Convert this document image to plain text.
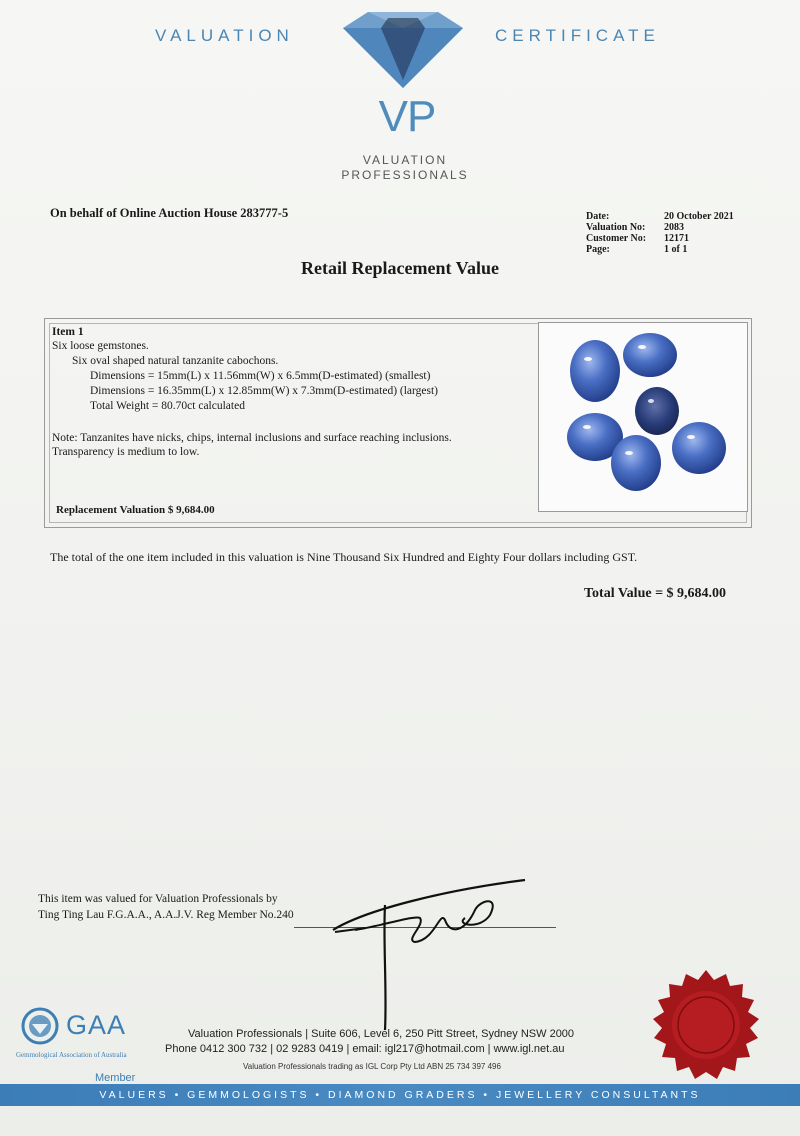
VALUATION	CERTIFICATE
VP
VALUATION
PROFESSIONALS
On behalf of Online Auction House 283777-5	Date:	20 October 2021
Valuation No:	2083
Customer No:	12171
Page:	1 of 1
Retail Replacement Value
Item 1
Six loose gemstones.
Six oval shaped natural tanzanite cabochons.
Dimensions = 15mm(L) x 11.56mm(W) x 6.5mm(D-estimated) (smallest)
Dimensions = 16.35mm(L) x 12.85mm(W) x 7.3mm(D-estimated) (largest)
Total Weight = 80.70ct calculated
Note: Tanzanites have nicks, chips, internal inclusions and surface reaching inclusions.
Transparency is medium to low.
Replacement Valuation $ 9,684.00
The total of the one item included in this valuation is Nine Thousand Six Hundred and Eighty Four dollars including GST.
Total Value = $ 9,684.00
This item was valued for Valuation Professionals by
Ting Ting Lau F.G.A.A., A.A.J.V. Reg Member No.240
GAA
Gemmological Association of Australia
Member
Valuation Professionals | Suite 606, Level 6, 250 Pitt Street, Sydney NSW 2000
Phone 0412 300 732 | 02 9283 0419 | email: igl217@hotmail.com | www.igl.net.au
Valuation Professionals trading as IGL Corp Pty Ltd ABN 25 734 397 496
VALUERS • GEMMOLOGISTS • DIAMOND GRADERS • JEWELLERY CONSULTANTS
